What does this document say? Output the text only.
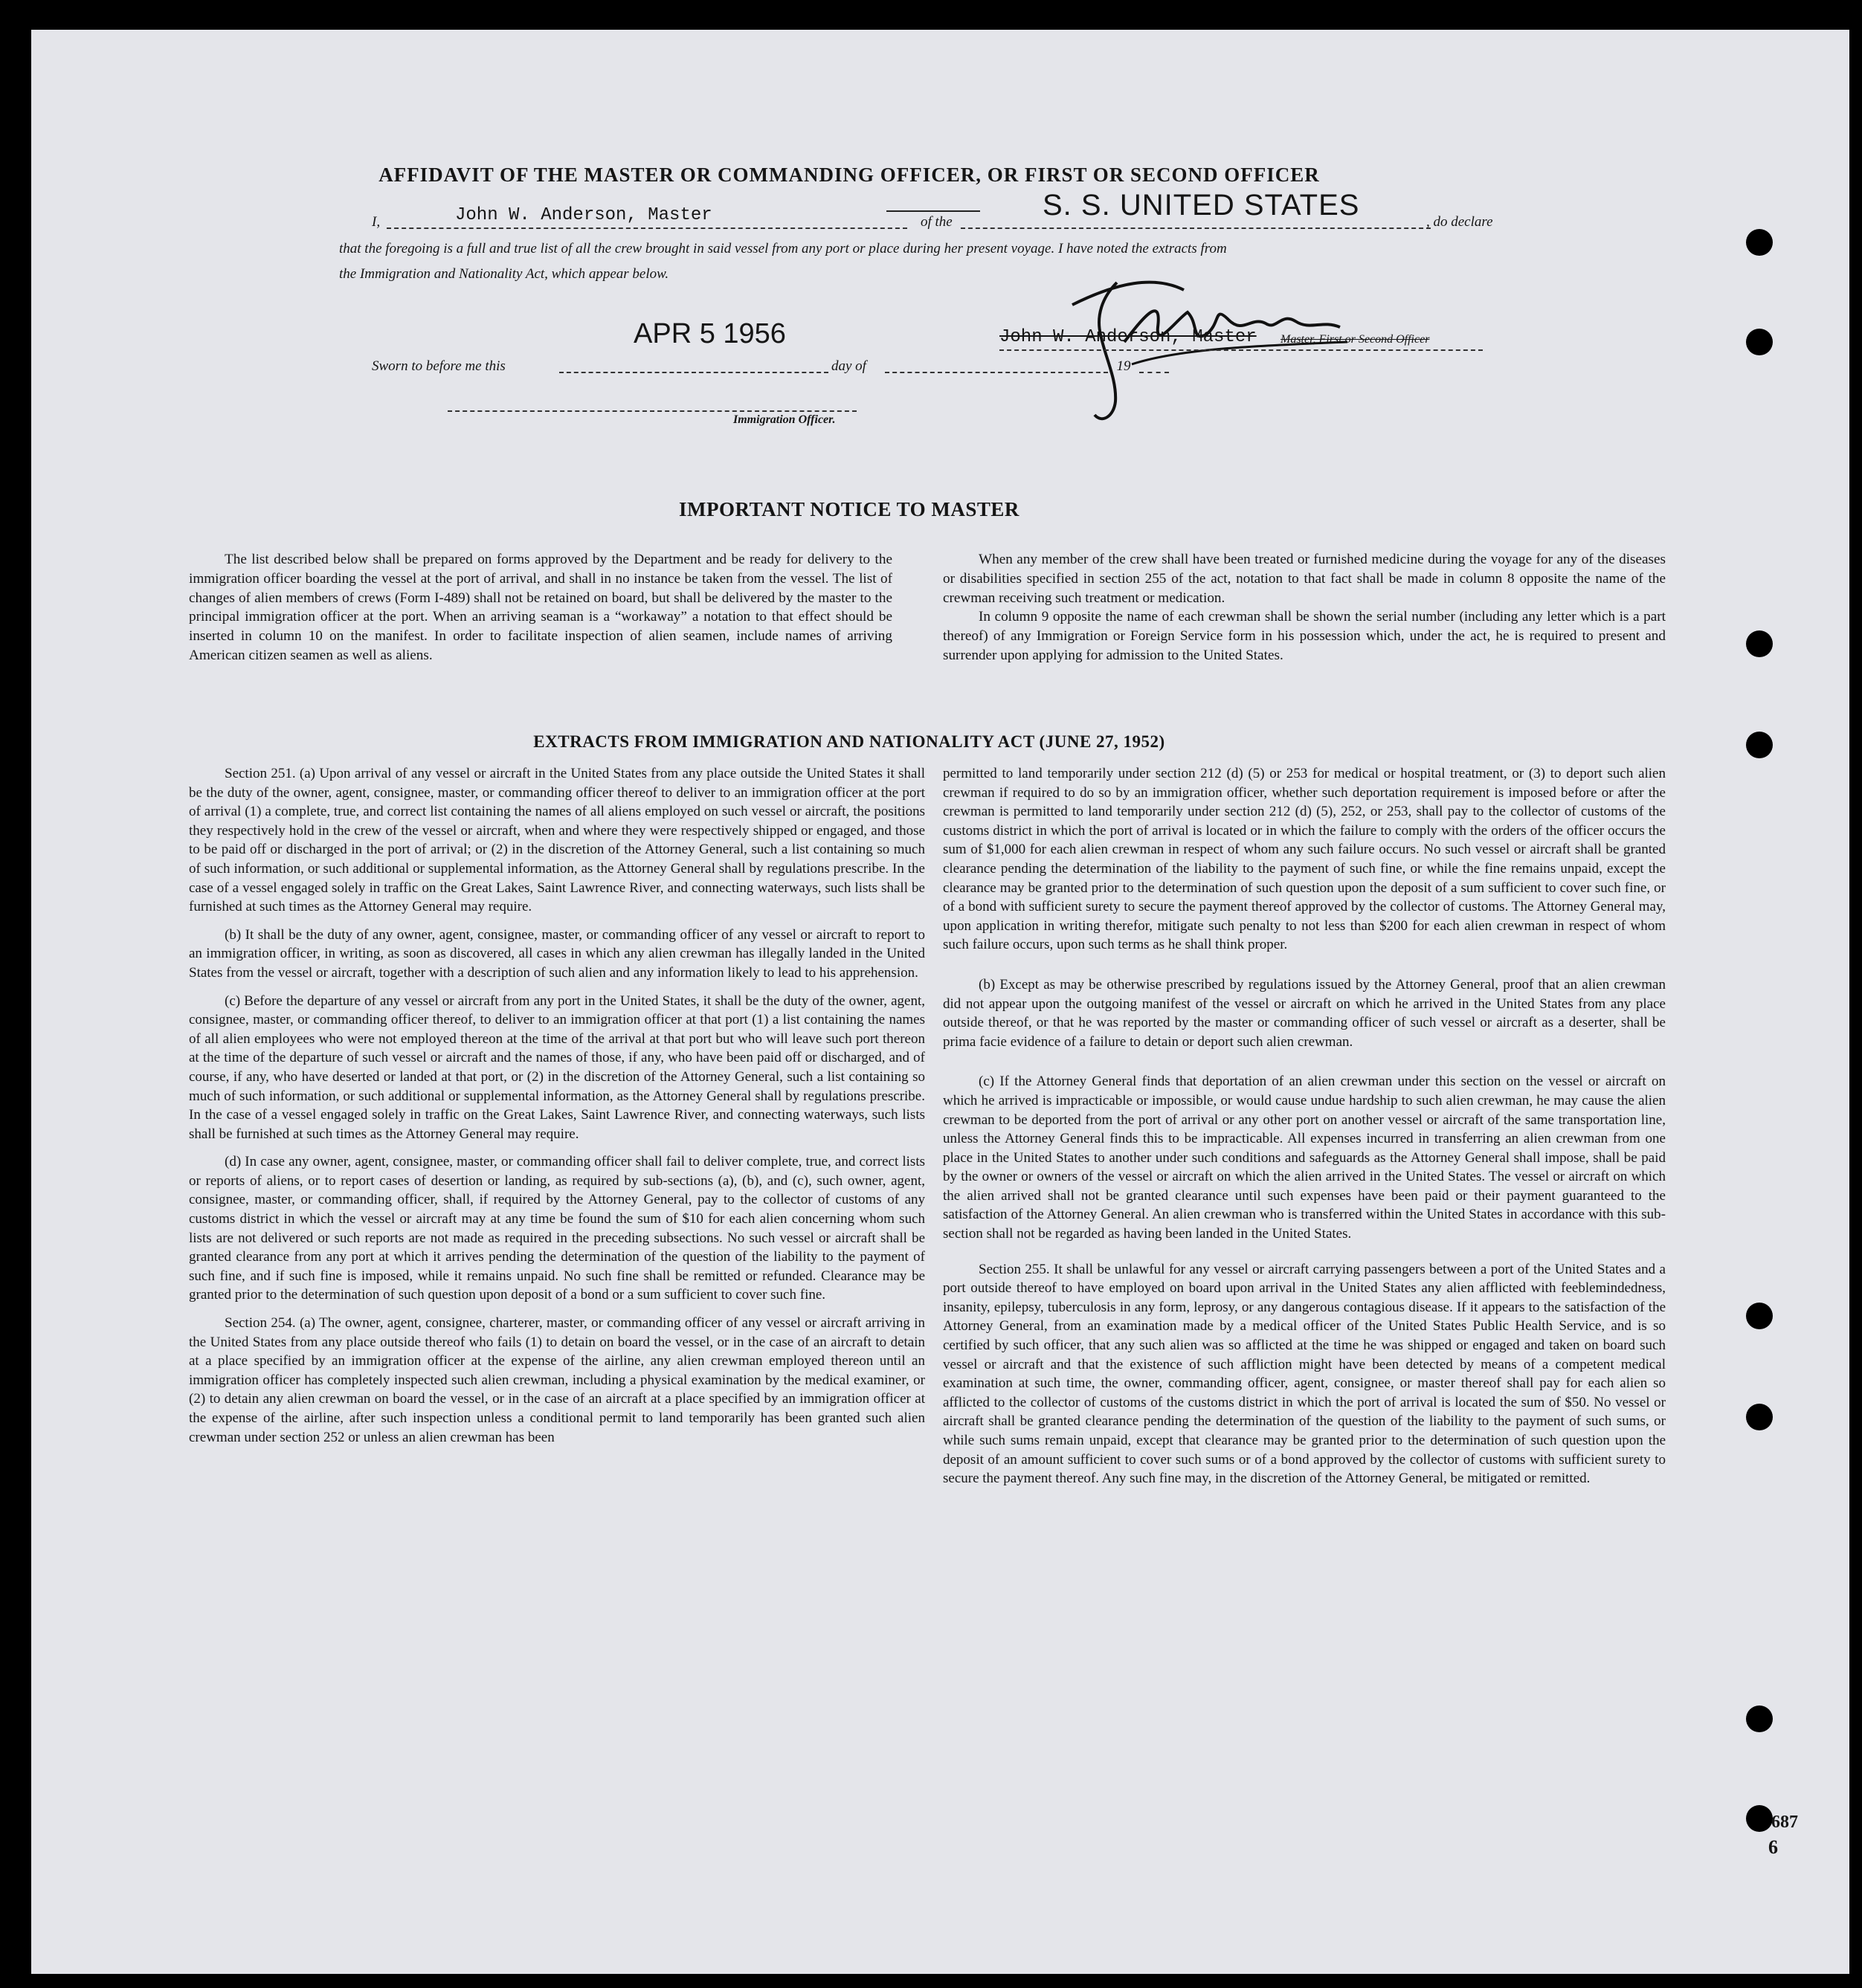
AFFIDAVIT OF THE MASTER OR COMMANDING OFFICER, OR FIRST OR SECOND OFFICER
I,	John W. Anderson, Master	of the
S. S. UNITED STATES
, do declare
that the foregoing is a full and true list of all the crew brought in said vessel from any port or place during her present voyage. I have noted the extracts from
the Immigration and Nationality Act, which appear below.
APR 5 1956	John W. Anderson, Master Master, First or Second Officer
Sworn to before me this	day of	, 19
Immigration Officer.
IMPORTANT NOTICE TO MASTER

The list described below shall be prepared on forms approved by the Department and be ready for delivery to the immigration officer boarding the vessel at the port of arrival, and shall in no instance be taken from the vessel. The list of changes of alien members of crews (Form I-489) shall not be retained on board, but shall be delivered by the master to the principal immigration officer at the port. When an arriving seaman is a “workaway” a notation to that effect should be inserted in column 10 on the manifest. In order to facilitate inspection of alien seamen, include names of arriving American citizen seamen as well as aliens.

When any member of the crew shall have been treated or furnished medicine during the voyage for any of the diseases or disabilities specified in section 255 of the act, notation to that fact shall be made in column 8 opposite the name of the crewman receiving such treatment or medication.

In column 9 opposite the name of each crewman shall be shown the serial number (including any letter which is a part thereof) of any Immigration or Foreign Service form in his possession which, under the act, he is required to present and surrender upon applying for admission to the United States.

EXTRACTS FROM IMMIGRATION AND NATIONALITY ACT (JUNE 27, 1952)

Section 251. (a) Upon arrival of any vessel or aircraft in the United States from any place outside the United States it shall be the duty of the owner, agent, consignee, master, or commanding officer thereof to deliver to an immigration officer at the port of arrival (1) a complete, true, and correct list containing the names of all aliens employed on such vessel or aircraft, the positions they respectively hold in the crew of the vessel or aircraft, when and where they were respectively shipped or engaged, and those to be paid off or discharged in the port of arrival; or (2) in the discretion of the Attorney General, such a list containing so much of such information, or such additional or supplemental information, as the Attorney General shall by regulations prescribe. In the case of a vessel engaged solely in traffic on the Great Lakes, Saint Lawrence River, and connecting waterways, such lists shall be furnished at such times as the Attorney General may require.

(b) It shall be the duty of any owner, agent, consignee, master, or commanding officer of any vessel or aircraft to report to an immigration officer, in writing, as soon as discovered, all cases in which any alien crewman has illegally landed in the United States from the vessel or aircraft, together with a description of such alien and any information likely to lead to his apprehension.

(c) Before the departure of any vessel or aircraft from any port in the United States, it shall be the duty of the owner, agent, consignee, master, or commanding officer thereof, to deliver to an immigration officer at that port (1) a list containing the names of all alien employees who were not employed thereon at the time of the arrival at that port but who will leave such port thereon at the time of the departure of such vessel or aircraft and the names of those, if any, who have been paid off or discharged, and of course, if any, who have deserted or landed at that port, or (2) in the discretion of the Attorney General, such a list containing so much of such information, or such additional or supplemental information, as the Attorney General shall by regulations prescribe. In the case of a vessel engaged solely in traffic on the Great Lakes, Saint Lawrence River, and connecting waterways, such lists shall be furnished at such times as the Attorney General may require.

(d) In case any owner, agent, consignee, master, or commanding officer shall fail to deliver complete, true, and correct lists or reports of aliens, or to report cases of desertion or landing, as required by sub-sections (a), (b), and (c), such owner, agent, consignee, master, or commanding officer, shall, if required by the Attorney General, pay to the collector of customs of any customs district in which the vessel or aircraft may at any time be found the sum of $10 for each alien concerning whom such lists are not delivered or such reports are not made as required in the preceding subsections. No such vessel or aircraft shall be granted clearance from any port at which it arrives pending the determination of the question of the liability to the payment of such fine, and if such fine is imposed, while it remains unpaid. No such fine shall be remitted or refunded. Clearance may be granted prior to the determination of such question upon deposit of a bond or a sum sufficient to cover such fine.

Section 254. (a) The owner, agent, consignee, charterer, master, or commanding officer of any vessel or aircraft arriving in the United States from any place outside thereof who fails (1) to detain on board the vessel, or in the case of an aircraft to detain at a place specified by an immigration officer at the expense of the airline, any alien crewman employed thereon until an immigration officer has completely inspected such alien crewman, including a physical examination by the medical examiner, or (2) to detain any alien crewman on board the vessel, or in the case of an aircraft at a place specified by an immigration officer at the expense of the airline, after such inspection unless a conditional permit to land temporarily has been granted such alien crewman under section 252 or unless an alien crewman has been

permitted to land temporarily under section 212 (d) (5) or 253 for medical or hospital treatment, or (3) to deport such alien crewman if required to do so by an immigration officer, whether such deportation requirement is imposed before or after the crewman is permitted to land temporarily under section 212 (d) (5), 252, or 253, shall pay to the collector of customs of the customs district in which the port of arrival is located or in which the failure to comply with the orders of the officer occurs the sum of $1,000 for each alien crewman in respect of whom any such failure occurs. No such vessel or aircraft shall be granted clearance pending the determination of the liability to the payment of such fine, or while the fine remains unpaid, except the clearance may be granted prior to the determination of such question upon the deposit of a sum sufficient to cover such fine, or of a bond with sufficient surety to secure the payment thereof approved by the collector of customs. The Attorney General may, upon application in writing therefor, mitigate such penalty to not less than $200 for each alien crewman in respect of whom such failure occurs, upon such terms as he shall think proper.

(b) Except as may be otherwise prescribed by regulations issued by the Attorney General, proof that an alien crewman did not appear upon the outgoing manifest of the vessel or aircraft on which he arrived in the United States from any place outside thereof, or that he was reported by the master or commanding officer of such vessel or aircraft as a deserter, shall be prima facie evidence of a failure to detain or deport such alien crewman.

(c) If the Attorney General finds that deportation of an alien crewman under this section on the vessel or aircraft on which he arrived is impracticable or impossible, or would cause undue hardship to such alien crewman, he may cause the alien crewman to be deported from the port of arrival or any other port on another vessel or aircraft of the same transportation line, unless the Attorney General finds this to be impracticable. All expenses incurred in transferring an alien crewman from one place in the United States to another under such conditions and safeguards as the Attorney General shall impose, shall be paid by the owner or owners of the vessel or aircraft on which the alien arrived in the United States. The vessel or aircraft on which the alien arrived shall not be granted clearance until such expenses have been paid or their payment guaranteed to the satisfaction of the Attorney General. An alien crewman who is transferred within the United States in accordance with this sub-section shall not be regarded as having been landed in the United States.

Section 255. It shall be unlawful for any vessel or aircraft carrying passengers between a port of the United States and a port outside thereof to have employed on board upon arrival in the United States any alien afflicted with feeblemindedness, insanity, epilepsy, tuberculosis in any form, leprosy, or any dangerous contagious disease. If it appears to the satisfaction of the Attorney General, from an examination made by a medical officer of the United States Public Health Service, and is so certified by such officer, that any such alien was so afflicted at the time he was shipped or engaged and taken on board such vessel or aircraft and that the existence of such affliction might have been detected by means of a competent medical examination at such time, the owner, commanding officer, agent, consignee, or master thereof shall pay for each alien so afflicted to the collector of customs of the customs district in which the port of arrival is located the sum of $50. No vessel or aircraft shall be granted clearance pending the determination of the question of the liability to the payment of such sums, or while such sums remain unpaid, except that clearance may be granted prior to the determination of such question upon the deposit of an amount sufficient to cover such sums or of a bond approved by the collector of customs with sufficient surety to secure the payment thereof. Any such fine may, in the discretion of the Attorney General, be mitigated or remitted.

687
6
